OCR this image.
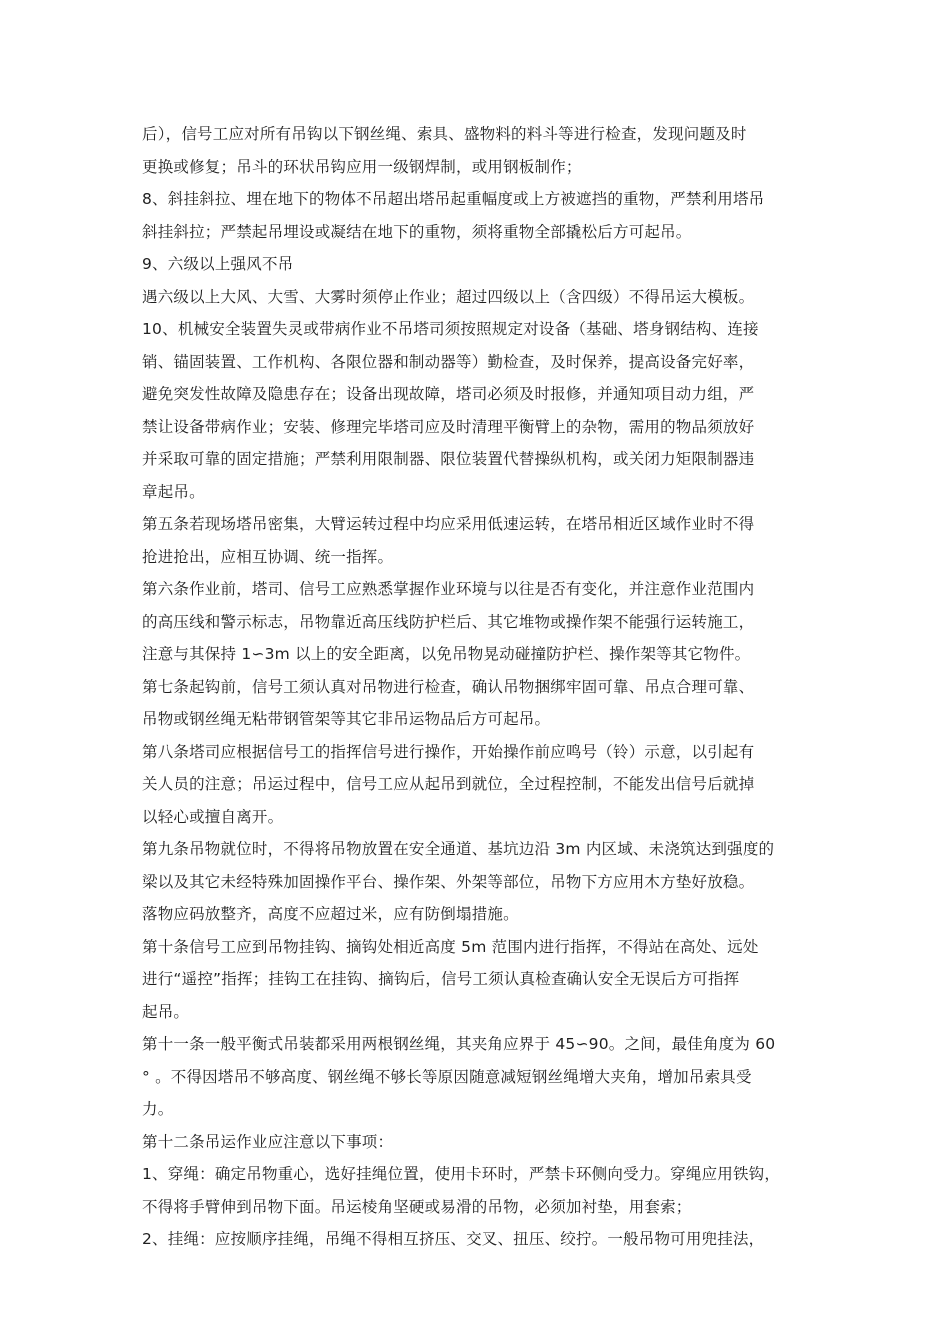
后），信号工应对所有吊钩以下钢丝绳、索具、盛物料的料斗等进行检查，发现问题及时
更换或修复；吊斗的环状吊钩应用一级钢焊制，或用钢板制作；
8、斜挂斜拉、埋在地下的物体不吊超出塔吊起重幅度或上方被遮挡的重物，严禁利用塔吊
斜挂斜拉；严禁起吊埋设或凝结在地下的重物，须将重物全部撬松后方可起吊。
9、六级以上强风不吊
遇六级以上大风、大雪、大雾时须停止作业；超过四级以上（含四级）不得吊运大模板。
10、机械安全装置失灵或带病作业不吊塔司须按照规定对设备（基础、塔身钢结构、连接
销、锚固装置、工作机构、各限位器和制动器等）勤检查，及时保养，提高设备完好率，
避免突发性故障及隐患存在；设备出现故障，塔司必须及时报修，并通知项目动力组，严
禁让设备带病作业；安装、修理完毕塔司应及时清理平衡臂上的杂物，需用的物品须放好
并采取可靠的固定措施；严禁利用限制器、限位装置代替操纵机构，或关闭力矩限制器违
章起吊。
第五条若现场塔吊密集，大臂运转过程中均应采用低速运转，在塔吊相近区域作业时不得
抢进抢出，应相互协调、统一指挥。
第六条作业前，塔司、信号工应熟悉掌握作业环境与以往是否有变化，并注意作业范围内
的高压线和警示标志，吊物靠近高压线防护栏后、其它堆物或操作架不能强行运转施工，
注意与其保持 1∽3m 以上的安全距离，以免吊物晃动碰撞防护栏、操作架等其它物件。
第七条起钩前，信号工须认真对吊物进行检查，确认吊物捆绑牢固可靠、吊点合理可靠、
吊物或钢丝绳无粘带钢管架等其它非吊运物品后方可起吊。
第八条塔司应根据信号工的指挥信号进行操作，开始操作前应鸣号（铃）示意，以引起有
关人员的注意；吊运过程中，信号工应从起吊到就位，全过程控制，不能发出信号后就掉
以轻心或擅自离开。
第九条吊物就位时，不得将吊物放置在安全通道、基坑边沿 3m 内区域、未浇筑达到强度的
梁以及其它未经特殊加固操作平台、操作架、外架等部位，吊物下方应用木方垫好放稳。
落物应码放整齐，高度不应超过米，应有防倒塌措施。
第十条信号工应到吊物挂钩、摘钩处相近高度 5m 范围内进行指挥，不得站在高处、远处
进行“遥控”指挥；挂钩工在挂钩、摘钩后，信号工须认真检查确认安全无误后方可指挥
起吊。
第十一条一般平衡式吊装都采用两根钢丝绳，其夹角应界于 45∽90。之间，最佳角度为 60
° 。不得因塔吊不够高度、钢丝绳不够长等原因随意减短钢丝绳增大夹角，增加吊索具受
力。
第十二条吊运作业应注意以下事项：
1、穿绳：确定吊物重心，选好挂绳位置，使用卡环时，严禁卡环侧向受力。穿绳应用铁钩，
不得将手臂伸到吊物下面。吊运棱角坚硬或易滑的吊物，必须加衬垫，用套索；
2、挂绳：应按顺序挂绳，吊绳不得相互挤压、交叉、扭压、绞拧。一般吊物可用兜挂法，
